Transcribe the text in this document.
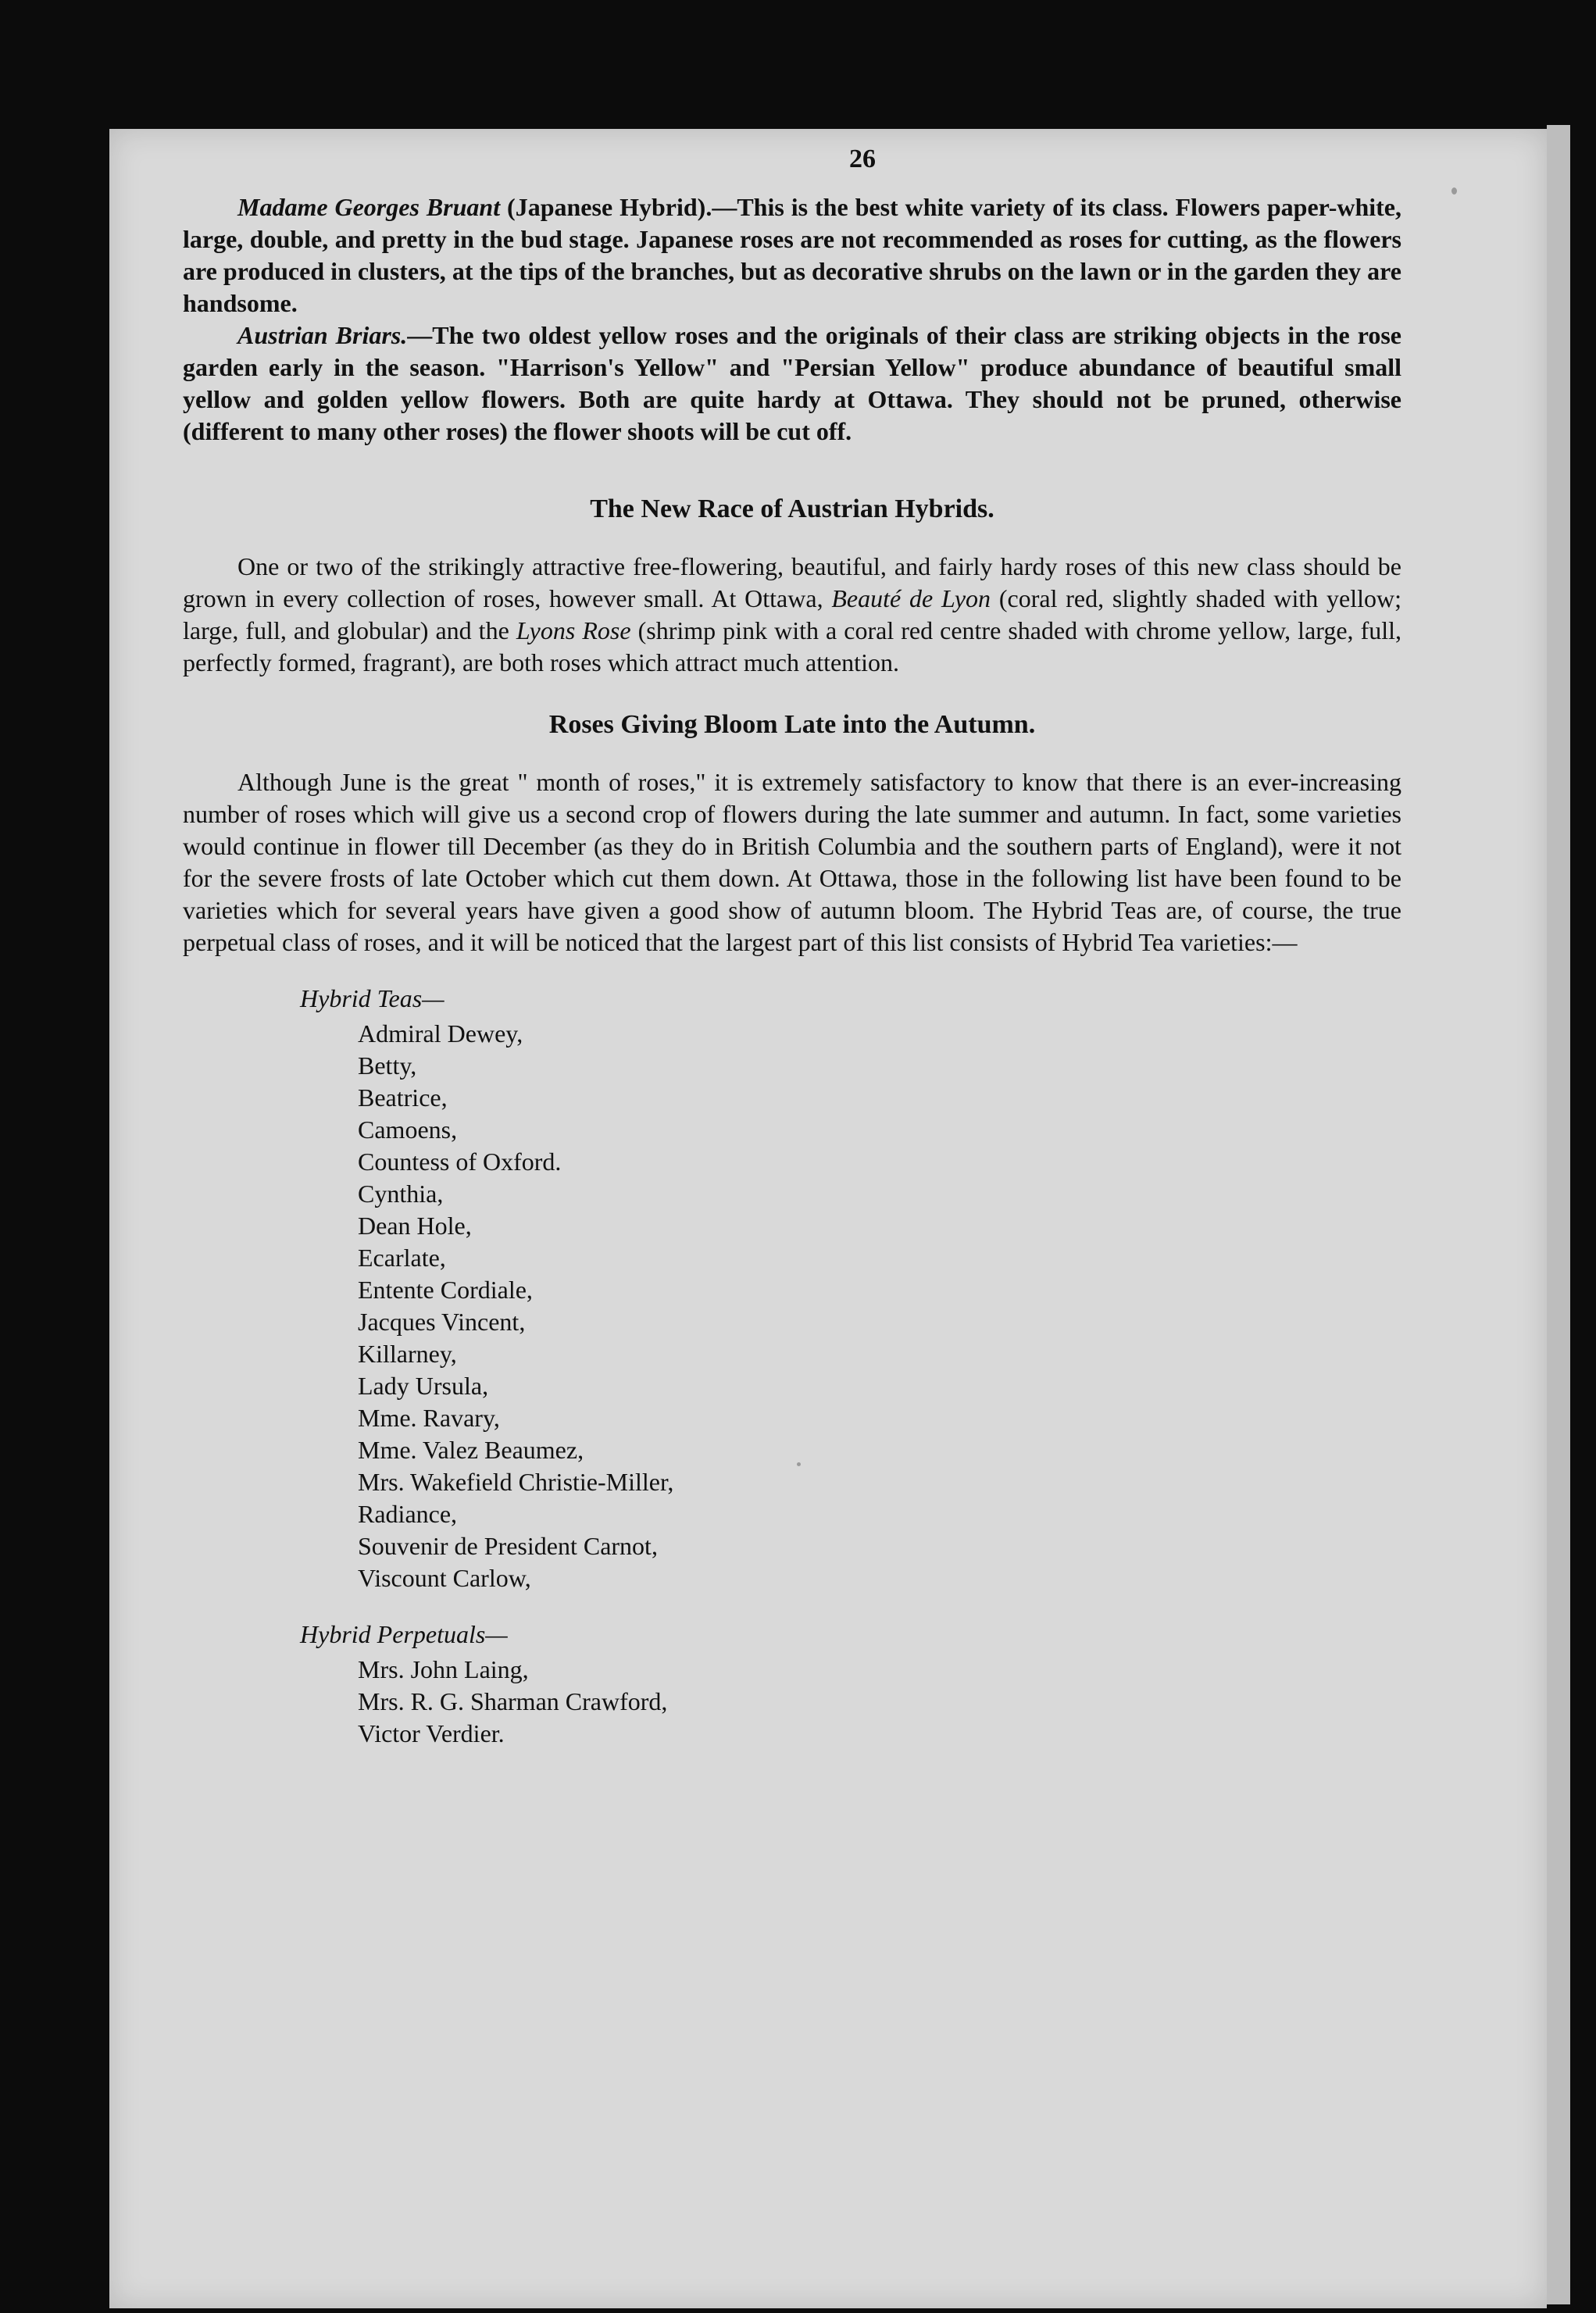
26

Madame Georges Bruant (Japanese Hybrid).—This is the best white variety of its class. Flowers paper-white, large, double, and pretty in the bud stage. Japanese roses are not recommended as roses for cutting, as the flowers are produced in clusters, at the tips of the branches, but as decorative shrubs on the lawn or in the garden they are handsome.

Austrian Briars.—The two oldest yellow roses and the originals of their class are striking objects in the rose garden early in the season. "Harrison's Yellow" and "Persian Yellow" produce abundance of beautiful small yellow and golden yellow flowers. Both are quite hardy at Ottawa. They should not be pruned, otherwise (different to many other roses) the flower shoots will be cut off.

The New Race of Austrian Hybrids.

One or two of the strikingly attractive free-flowering, beautiful, and fairly hardy roses of this new class should be grown in every collection of roses, however small. At Ottawa, Beauté de Lyon (coral red, slightly shaded with yellow; large, full, and globular) and the Lyons Rose (shrimp pink with a coral red centre shaded with chrome yellow, large, full, perfectly formed, fragrant), are both roses which attract much attention.

Roses Giving Bloom Late into the Autumn.

Although June is the great " month of roses," it is extremely satisfactory to know that there is an ever-increasing number of roses which will give us a second crop of flowers during the late summer and autumn. In fact, some varieties would continue in flower till December (as they do in British Columbia and the southern parts of England), were it not for the severe frosts of late October which cut them down. At Ottawa, those in the following list have been found to be varieties which for several years have given a good show of autumn bloom. The Hybrid Teas are, of course, the true perpetual class of roses, and it will be noticed that the largest part of this list consists of Hybrid Tea varieties:—

Hybrid Teas—
Admiral Dewey,
Betty,
Beatrice,
Camoens,
Countess of Oxford.
Cynthia,
Dean Hole,
Ecarlate,
Entente Cordiale,
Jacques Vincent,
Killarney,
Lady Ursula,
Mme. Ravary,
Mme. Valez Beaumez,
Mrs. Wakefield Christie-Miller,
Radiance,
Souvenir de President Carnot,
Viscount Carlow,
Hybrid Perpetuals—
Mrs. John Laing,
Mrs. R. G. Sharman Crawford,
Victor Verdier.
